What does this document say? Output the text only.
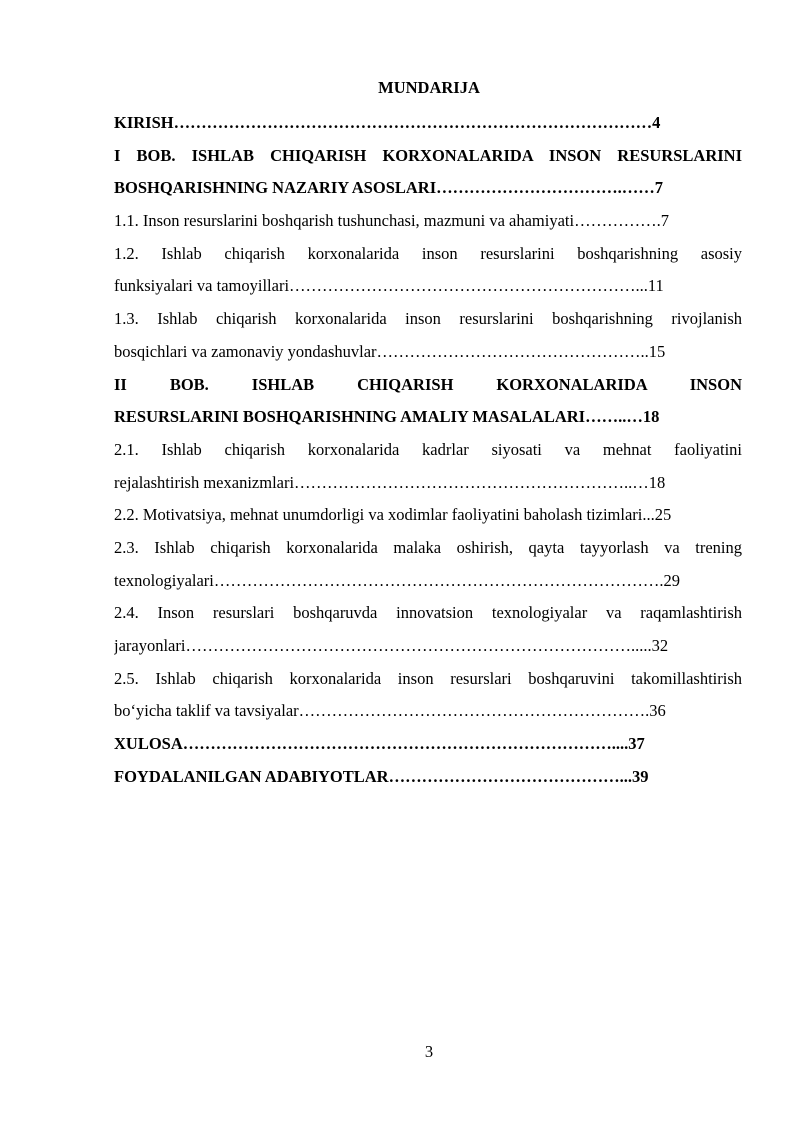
MUNDARIJA
KIRISH……………………………………………………………………………4
I BOB. ISHLAB CHIQARISH KORXONALARIDA INSON RESURSLARINI
BOSHQARISHNING NAZARIY ASOSLARI…………………………….……7
1.1. Inson resurslarini boshqarish tushunchasi, mazmuni va ahamiyati…………….7
1.2. Ishlab chiqarish korxonalarida inson resurslarini boshqarishning asosiy
funksiyalari va tamoyillari………………………………………………………...11
1.3. Ishlab chiqarish korxonalarida inson resurslarini boshqarishning rivojlanish
bosqichlari va zamonaviy yondashuvlar…………………………………………..15
II BOB. ISHLAB CHIQARISH KORXONALARIDA INSON
RESURSLARINI BOSHQARISHNING AMALIY MASALALARI……..…18
2.1. Ishlab chiqarish korxonalarida kadrlar siyosati va mehnat faoliyatini
rejalashtirish mexanizmlari……………………………………………………..…18
2.2. Motivatsiya, mehnat unumdorligi va xodimlar faoliyatini baholash tizimlari...25
2.3. Ishlab chiqarish korxonalarida malaka oshirish, qayta tayyorlash va trening
texnologiyalari……………………………………………………………………….29
2.4. Inson resurslari boshqaruvda innovatsion texnologiyalar va raqamlashtirish
jarayonlari……………………………………………………………………….....32
2.5. Ishlab chiqarish korxonalarida inson resurslari boshqaruvini takomillashtirish
bo‘yicha taklif va tavsiyalar……………………………………………………….36
XULOSA……………………………………………………………………....37
FOYDALANILGAN ADABIYOTLAR……………………………………...39
3
